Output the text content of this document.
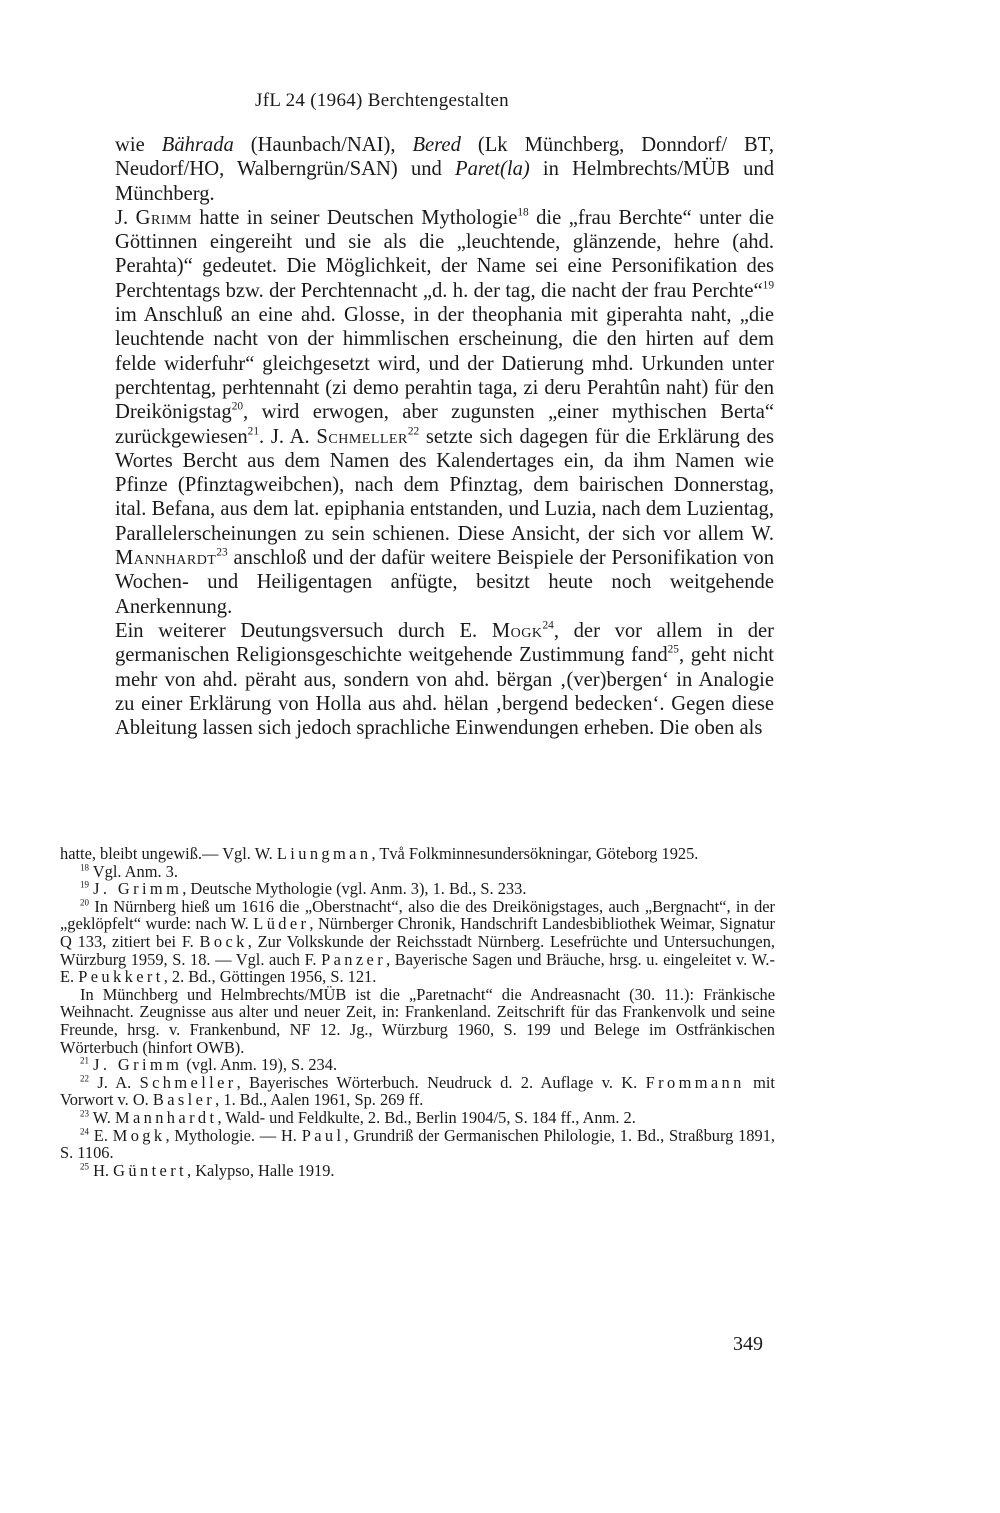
JfL 24 (1964) Berchtengestalten

wie Bährada (Haunbach/NAI), Bered (Lk Münchberg, Donndorf/ BT, Neudorf/HO, Walberngrün/SAN) und Paret(la) in Helmbrechts/MÜB und Münchberg.

J. Grimm hatte in seiner Deutschen Mythologie$^{18}$ die „frau Berchte“ unter die Göttinnen eingereiht und sie als die „leuchtende, glänzende, hehre (ahd. Perahta)“ gedeutet. Die Möglichkeit, der Name sei eine Personifikation des Perchtentags bzw. der Perchtennacht „d. h. der tag, die nacht der frau Perchte“$^{19}$ im Anschluß an eine ahd. Glosse, in der theophania mit giperahta naht, „die leuchtende nacht von der himmlischen erscheinung, die den hirten auf dem felde widerfuhr“ gleichgesetzt wird, und der Datierung mhd. Urkunden unter perchtentag, perhtennaht (zi demo perahtin taga, zi deru Perahtûn naht) für den Dreikönigstag$^{20}$, wird erwogen, aber zugunsten „einer mythischen Berta“ zurückgewiesen$^{21}$. J. A. Schmeller$^{22}$ setzte sich dagegen für die Erklärung des Wortes Bercht aus dem Namen des Kalendertages ein, da ihm Namen wie Pfinze (Pfinztagweibchen), nach dem Pfinztag, dem bairischen Donnerstag, ital. Befana, aus dem lat. epiphania entstanden, und Luzia, nach dem Luzientag, Parallelerscheinungen zu sein schienen. Diese Ansicht, der sich vor allem W. Mannhardt$^{23}$ anschloß und der dafür weitere Beispiele der Personifikation von Wochen- und Heiligentagen anfügte, besitzt heute noch weitgehende Anerkennung.

Ein weiterer Deutungsversuch durch E. Mogk$^{24}$, der vor allem in der germanischen Religionsgeschichte weitgehende Zustimmung fand$^{25}$, geht nicht mehr von ahd. përaht aus, sondern von ahd. bërgan ‚(ver)bergen‘ in Analogie zu einer Erklärung von Holla aus ahd. hëlan ‚bergend bedecken‘. Gegen diese Ableitung lassen sich jedoch sprachliche Einwendungen erheben. Die oben als

hatte, bleibt ungewiß.— Vgl. W. Liungman, Två Folkminnesundersökningar, Göteborg 1925.

$^{18}$ Vgl. Anm. 3.

$^{19}$ J. Grimm, Deutsche Mythologie (vgl. Anm. 3), 1. Bd., S. 233.

$^{20}$ In Nürnberg hieß um 1616 die „Oberstnacht“, also die des Dreikönigstages, auch „Bergnacht“, in der „geklöpfelt“ wurde: nach W. Lüder, Nürnberger Chronik, Handschrift Landesbibliothek Weimar, Signatur Q 133, zitiert bei F. Bock, Zur Volkskunde der Reichsstadt Nürnberg. Lesefrüchte und Untersuchungen, Würzburg 1959, S. 18. — Vgl. auch F. Panzer, Bayerische Sagen und Bräuche, hrsg. u. eingeleitet v. W.-E. Peukkert, 2. Bd., Göttingen 1956, S. 121.

In Münchberg und Helmbrechts/MÜB ist die „Paretnacht“ die Andreasnacht (30. 11.): Fränkische Weihnacht. Zeugnisse aus alter und neuer Zeit, in: Frankenland. Zeitschrift für das Frankenvolk und seine Freunde, hrsg. v. Frankenbund, NF 12. Jg., Würzburg 1960, S. 199 und Belege im Ostfränkischen Wörterbuch (hinfort OWB).

$^{21}$ J. Grimm (vgl. Anm. 19), S. 234.

$^{22}$ J. A. Schmeller, Bayerisches Wörterbuch. Neudruck d. 2. Auflage v. K. Frommann mit Vorwort v. O. Basler, 1. Bd., Aalen 1961, Sp. 269 ff.

$^{23}$ W. Mannhardt, Wald- und Feldkulte, 2. Bd., Berlin 1904/5, S. 184 ff., Anm. 2.

$^{24}$ E. Mogk, Mythologie. — H. Paul, Grundriß der Germanischen Philologie, 1. Bd., Straßburg 1891, S. 1106.

$^{25}$ H. Güntert, Kalypso, Halle 1919.

349
